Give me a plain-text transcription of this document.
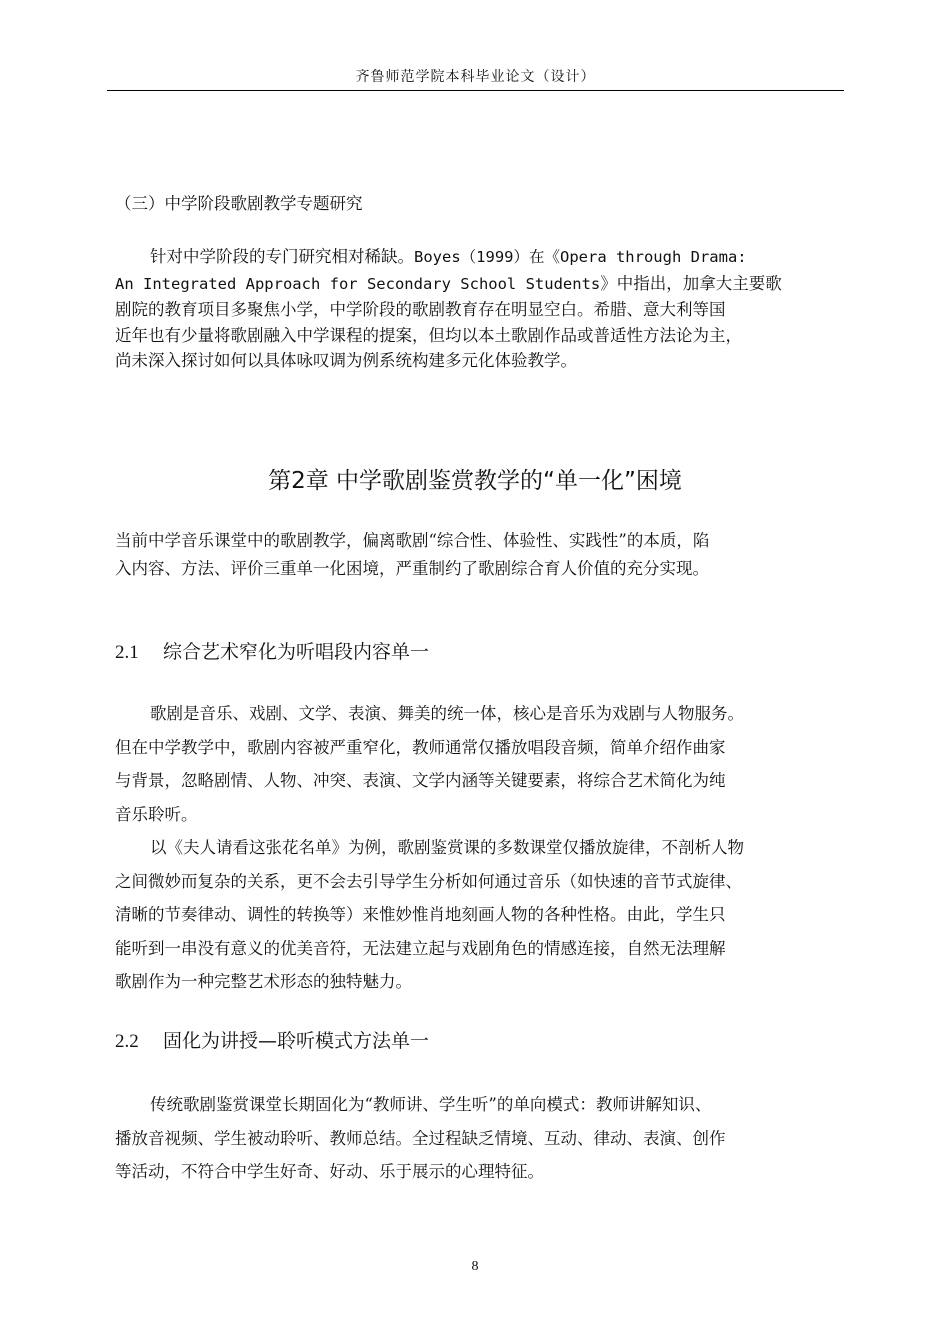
齐鲁师范学院本科毕业论文（设计）
（三）中学阶段歌剧教学专题研究
针对中学阶段的专门研究相对稀缺。Boyes（1999）在《Opera through Drama:
An Integrated Approach for Secondary School Students》中指出，加拿大主要歌
剧院的教育项目多聚焦小学，中学阶段的歌剧教育存在明显空白。希腊、意大利等国
近年也有少量将歌剧融入中学课程的提案，但均以本土歌剧作品或普适性方法论为主，
尚未深入探讨如何以具体咏叹调为例系统构建多元化体验教学。
第2章 中学歌剧鉴赏教学的“单一化”困境
当前中学音乐课堂中的歌剧教学，偏离歌剧“综合性、体验性、实践性”的本质，陷
入内容、方法、评价三重单一化困境，严重制约了歌剧综合育人价值的充分实现。
2.1 综合艺术窄化为听唱段内容单一
歌剧是音乐、戏剧、文学、表演、舞美的统一体，核心是音乐为戏剧与人物服务。
但在中学教学中，歌剧内容被严重窄化，教师通常仅播放唱段音频，简单介绍作曲家
与背景，忽略剧情、人物、冲突、表演、文学内涵等关键要素，将综合艺术简化为纯
音乐聆听。
以《夫人请看这张花名单》为例，歌剧鉴赏课的多数课堂仅播放旋律，不剖析人物
之间微妙而复杂的关系，更不会去引导学生分析如何通过音乐（如快速的音节式旋律、
清晰的节奏律动、调性的转换等）来惟妙惟肖地刻画人物的各种性格。由此，学生只
能听到一串没有意义的优美音符，无法建立起与戏剧角色的情感连接，自然无法理解
歌剧作为一种完整艺术形态的独特魅力。
2.2 固化为讲授—聆听模式方法单一
传统歌剧鉴赏课堂长期固化为“教师讲、学生听”的单向模式：教师讲解知识、
播放音视频、学生被动聆听、教师总结。全过程缺乏情境、互动、律动、表演、创作
等活动，不符合中学生好奇、好动、乐于展示的心理特征。
8
